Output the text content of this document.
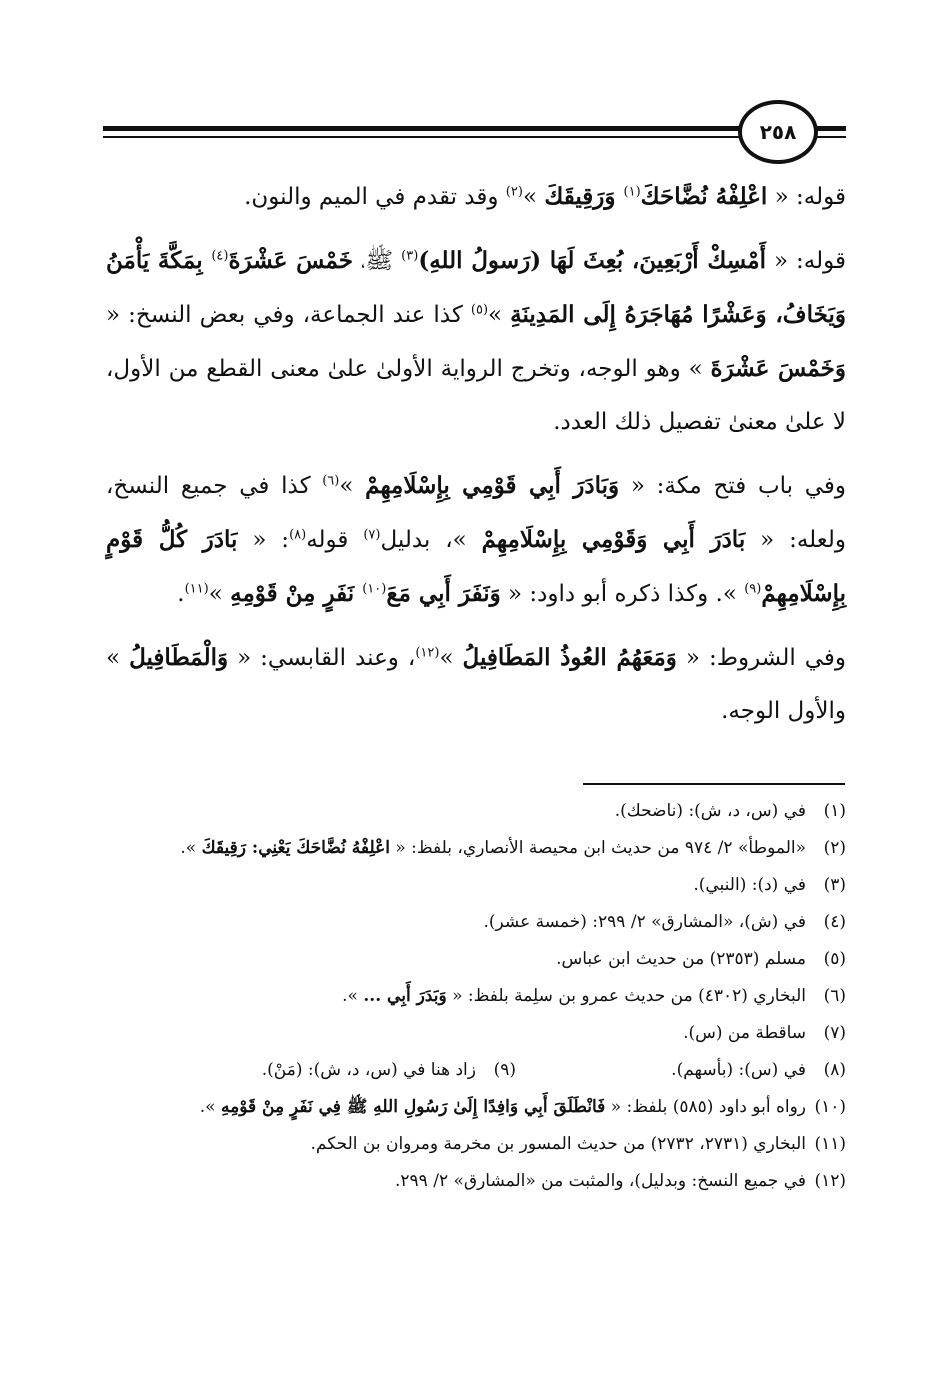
٢٥٨

قوله: « اعْلِفْهُ نُضَّاحَكَ$^{(١)}$ وَرَقِيقَكَ »$^{(٢)}$ وقد تقدم في الميم والنون.

قوله: « أَمْسِكْ أَرْبَعِينَ، بُعِثَ لَهَا (رَسولُ اللهِ)$^{(٣)}$ ﷺ، خَمْسَ عَشْرَةَ$^{(٤)}$ بِمَكَّةَ يَأْمَنُ وَيَخَافُ، وَعَشْرًا مُهَاجَرَهُ إِلَى المَدِينَةِ »$^{(٥)}$ كذا عند الجماعة، وفي بعض النسخ: « وَخَمْسَ عَشْرَةَ » وهو الوجه، وتخرج الرواية الأولىٰ علىٰ معنى القطع من الأول، لا علىٰ معنىٰ تفصيل ذلك العدد.

وفي باب فتح مكة: « وَبَادَرَ أَبِي قَوْمِي بِإِسْلَامِهِمْ »$^{(٦)}$ كذا في جميع النسخ، ولعله: « بَادَرَ أَبِي وَقَوْمِي بِإِسْلَامِهِمْ »، بدليل$^{(٧)}$ قوله$^{(٨)}$: « بَادَرَ كُلُّ قَوْمٍ بِإِسْلَامِهِمْ$^{(٩)}$ ». وكذا ذكره أبو داود: « وَنَفَرَ أَبِي مَعَ$^{(١٠)}$ نَفَرٍ مِنْ قَوْمِهِ »$^{(١١)}$.

وفي الشروط: « وَمَعَهُمُ العُوذُ المَطَافِيلُ »$^{(١٢)}$، وعند القابسي: « وَالْمَطَافِيلُ » والأول الوجه.

(١)
في (س، د، ش): (ناضحك).
(٢)
«الموطأ» ٢/ ٩٧٤ من حديث ابن محيصة الأنصاري، بلفظ: « اعْلِفْهُ نُضَّاحَكَ يَعْنِي: رَقِيقَكَ ».
(٣)
في (د): (النبي).
(٤)
في (ش)، «المشارق» ٢/ ٢٩٩: (خمسة عشر).
(٥)
مسلم (٢٣٥٣) من حديث ابن عباس.
(٦)
البخاري (٤٣٠٢) من حديث عمرو بن سلِمة بلفظ: « وَبَدَرَ أَبِي ... ».
(٧)
ساقطة من (س).
(٨)
في (س): (بأسهم).
(٩)
زاد هنا في (س، د، ش): (مَنْ).
(١٠)
رواه أبو داود (٥٨٥) بلفظ: « فَانْطَلَقَ أَبِي وَافِدًا إِلَىٰ رَسُولِ اللهِ ﷺ فِي نَفَرٍ مِنْ قَوْمِهِ ».
(١١)
البخاري (٢٧٣١، ٢٧٣٢) من حديث المسور بن مخرمة ومروان بن الحكم.
(١٢)
في جميع النسخ: وبدليل)، والمثبت من «المشارق» ٢/ ٢٩٩.
